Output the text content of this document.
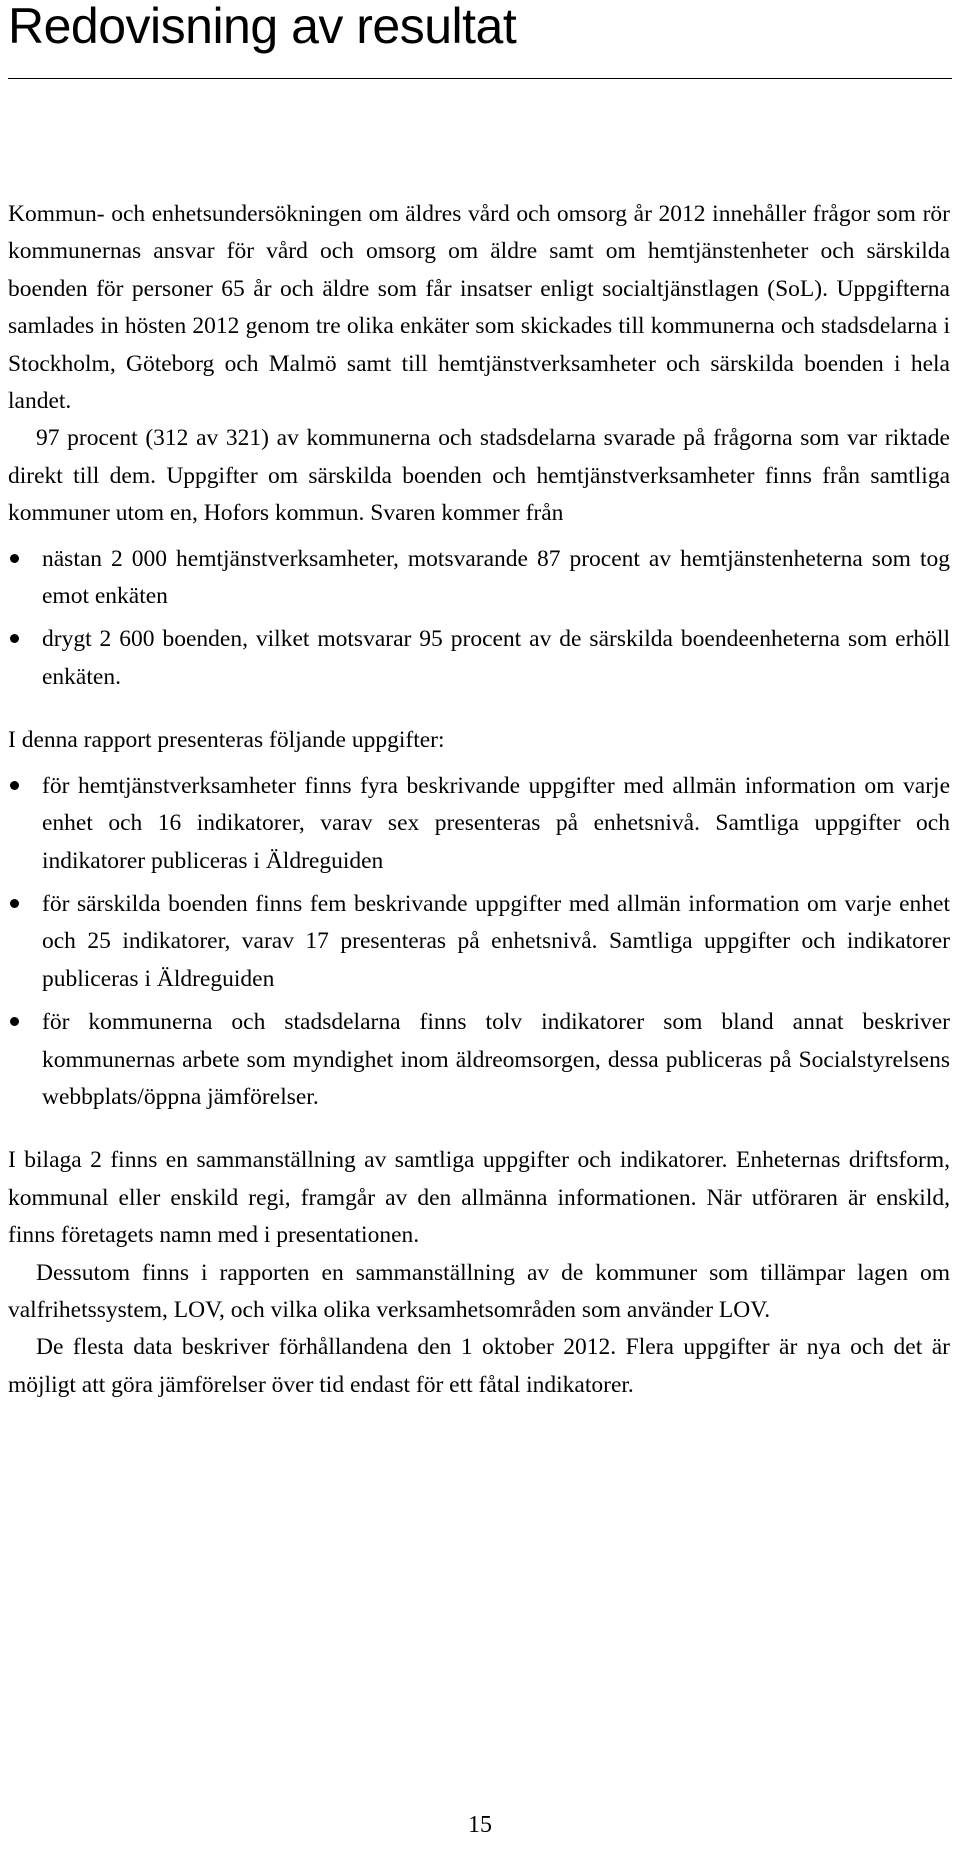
Redovisning av resultat

Kommun- och enhetsundersökningen om äldres vård och omsorg år 2012 innehåller frågor som rör kommunernas ansvar för vård och omsorg om äldre samt om hemtjänstenheter och särskilda boenden för personer 65 år och äldre som får insatser enligt socialtjänstlagen (SoL). Uppgifterna samlades in hösten 2012 genom tre olika enkäter som skickades till kommunerna och stadsdelarna i Stockholm, Göteborg och Malmö samt till hemtjänstverksamheter och särskilda boenden i hela landet.

97 procent (312 av 321) av kommunerna och stadsdelarna svarade på frågorna som var riktade direkt till dem. Uppgifter om särskilda boenden och hemtjänstverksamheter finns från samtliga kommuner utom en, Hofors kommun. Svaren kommer från

nästan 2 000 hemtjänstverksamheter, motsvarande 87 procent av hemtjänstenheterna som tog emot enkäten
drygt 2 600 boenden, vilket motsvarar 95 procent av de särskilda boendeenheterna som erhöll enkäten.

I denna rapport presenteras följande uppgifter:

för hemtjänstverksamheter finns fyra beskrivande uppgifter med allmän information om varje enhet och 16 indikatorer, varav sex presenteras på enhetsnivå. Samtliga uppgifter och indikatorer publiceras i Äldreguiden
för särskilda boenden finns fem beskrivande uppgifter med allmän information om varje enhet och 25 indikatorer, varav 17 presenteras på enhetsnivå. Samtliga uppgifter och indikatorer publiceras i Äldreguiden
för kommunerna och stadsdelarna finns tolv indikatorer som bland annat beskriver kommunernas arbete som myndighet inom äldreomsorgen, dessa publiceras på Socialstyrelsens webbplats/öppna jämförelser.

I bilaga 2 finns en sammanställning av samtliga uppgifter och indikatorer. Enheternas driftsform, kommunal eller enskild regi, framgår av den allmänna informationen. När utföraren är enskild, finns företagets namn med i presentationen.

Dessutom finns i rapporten en sammanställning av de kommuner som tillämpar lagen om valfrihetssystem, LOV, och vilka olika verksamhetsområden som använder LOV.

De flesta data beskriver förhållandena den 1 oktober 2012. Flera uppgifter är nya och det är möjligt att göra jämförelser över tid endast för ett fåtal indikatorer.

15
